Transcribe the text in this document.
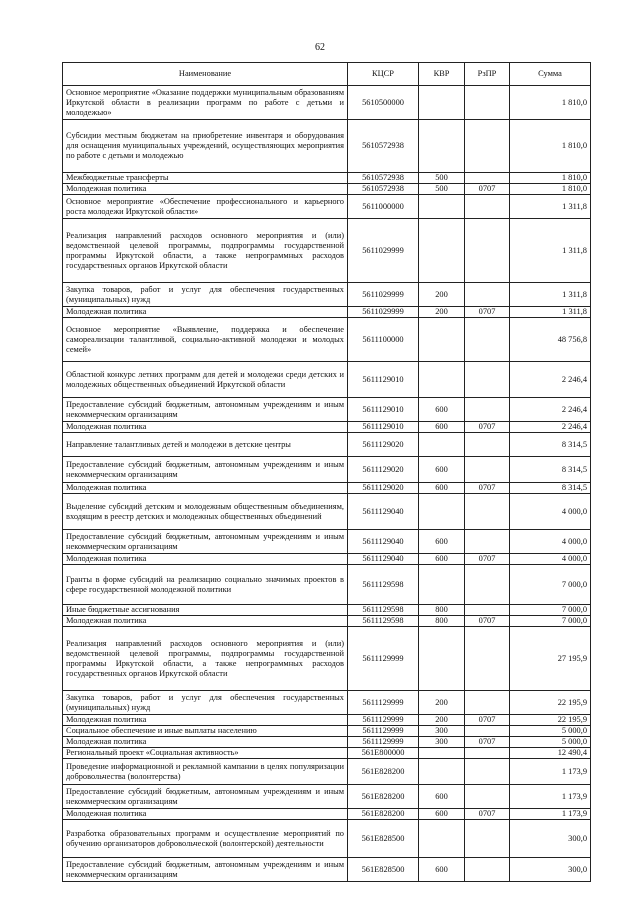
62
Наименование	КЦСР	КВР	РзПР	Сумма
Основное мероприятие «Оказание поддержки муниципальным образованиям Иркутской области в реализации программ по работе с детьми и молодежью»	5610500000			1 810,0
Субсидии местным бюджетам на приобретение инвентаря и оборудования для оснащения муниципальных учреждений, осуществляющих мероприятия по работе с детьми и молодежью	5610572938			1 810,0
Межбюджетные трансферты	5610572938	500		1 810,0
Молодежная политика	5610572938	500	0707	1 810,0
Основное мероприятие «Обеспечение профессионального и карьерного роста молодежи Иркутской области»	5611000000			1 311,8
Реализация направлений расходов основного мероприятия и (или) ведомственной целевой программы, подпрограммы государственной программы Иркутской области, а также непрограммных расходов государственных органов Иркутской области	5611029999			1 311,8
Закупка товаров, работ и услуг для обеспечения государственных (муниципальных) нужд	5611029999	200		1 311,8
Молодежная политика	5611029999	200	0707	1 311,8
Основное мероприятие «Выявление, поддержка и обеспечение самореализации талантливой, социально-активной молодежи и молодых семей»	5611100000			48 756,8
Областной конкурс летних программ для детей и молодежи среди детских и молодежных общественных объединений Иркутской области	5611129010			2 246,4
Предоставление субсидий бюджетным, автономным учреждениям и иным некоммерческим организациям	5611129010	600		2 246,4
Молодежная политика	5611129010	600	0707	2 246,4
Направление талантливых детей и молодежи в детские центры	5611129020			8 314,5
Предоставление субсидий бюджетным, автономным учреждениям и иным некоммерческим организациям	5611129020	600		8 314,5
Молодежная политика	5611129020	600	0707	8 314,5
Выделение субсидий детским и молодежным общественным объединениям, входящим в реестр детских и молодежных общественных объединений	5611129040			4 000,0
Предоставление субсидий бюджетным, автономным учреждениям и иным некоммерческим организациям	5611129040	600		4 000,0
Молодежная политика	5611129040	600	0707	4 000,0
Гранты в форме субсидий на реализацию социально значимых проектов в сфере государственной молодежной политики	5611129598			7 000,0
Иные бюджетные ассигнования	5611129598	800		7 000,0
Молодежная политика	5611129598	800	0707	7 000,0
Реализация направлений расходов основного мероприятия и (или) ведомственной целевой программы, подпрограммы государственной программы Иркутской области, а также непрограммных расходов государственных органов Иркутской области	5611129999			27 195,9
Закупка товаров, работ и услуг для обеспечения государственных (муниципальных) нужд	5611129999	200		22 195,9
Молодежная политика	5611129999	200	0707	22 195,9
Социальное обеспечение и иные выплаты населению	5611129999	300		5 000,0
Молодежная политика	5611129999	300	0707	5 000,0
Региональный проект «Социальная активность»	561E800000			12 490,4
Проведение информационной и рекламной кампании в целях популяризации добровольчества (волонтерства)	561E828200			1 173,9
Предоставление субсидий бюджетным, автономным учреждениям и иным некоммерческим организациям	561E828200	600		1 173,9
Молодежная политика	561E828200	600	0707	1 173,9
Разработка образовательных программ и осуществление мероприятий по обучению организаторов добровольческой (волонтерской) деятельности	561E828500			300,0
Предоставление субсидий бюджетным, автономным учреждениям и иным некоммерческим организациям	561E828500	600		300,0
